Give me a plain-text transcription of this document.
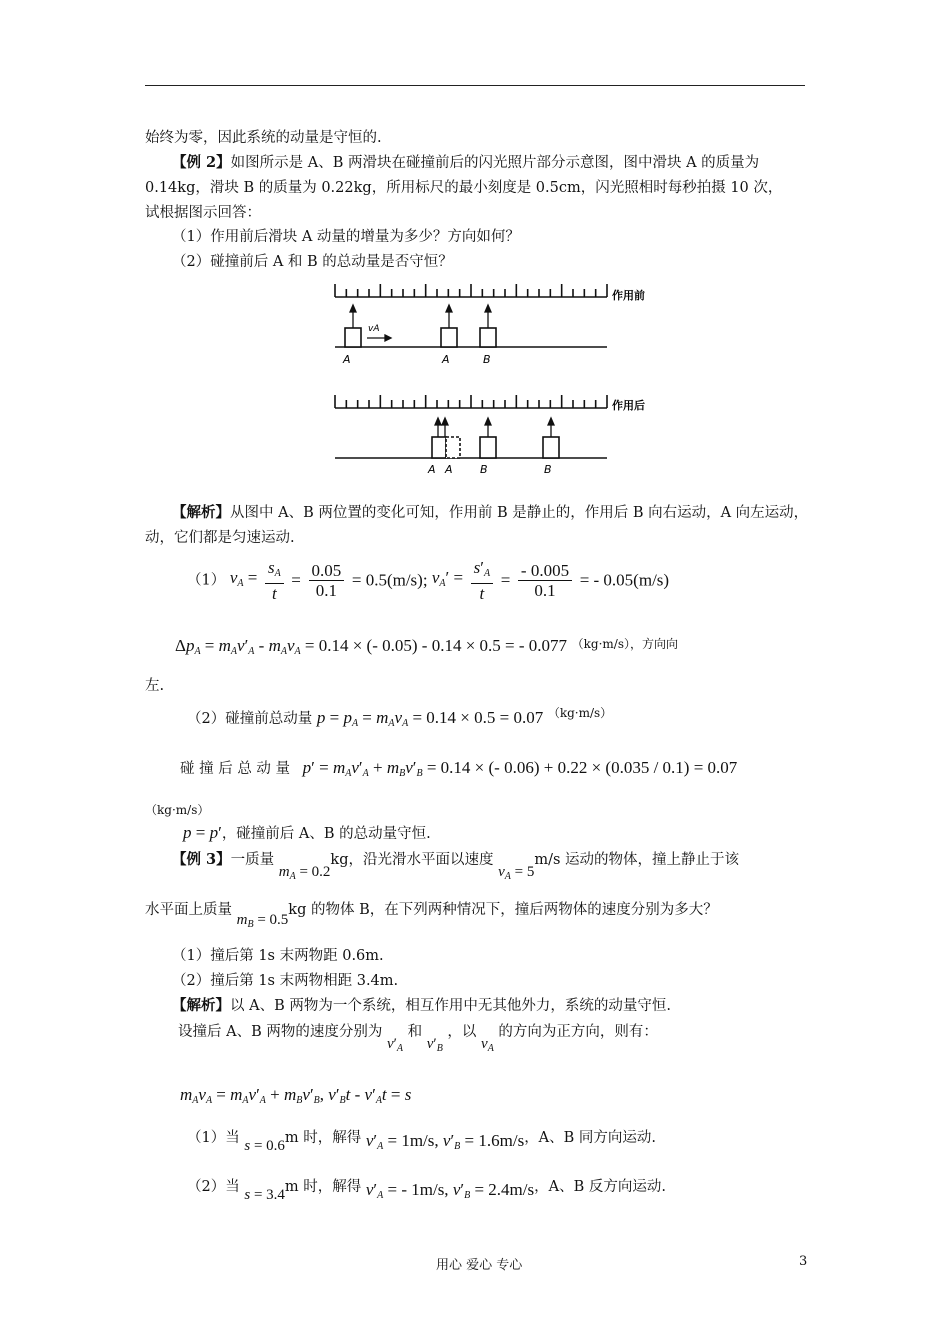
始终为零，因此系统的动量是守恒的.
【例 2】如图所示是 A、B 两滑块在碰撞前后的闪光照片部分示意图，图中滑块 A 的质量为
0.14kg，滑块 B 的质量为 0.22kg，所用标尺的最小刻度是 0.5cm，闪光照相时每秒拍摄 10 次，
试根据图示回答：
（1）作用前后滑块 A 动量的增量为多少？方向如何？
（2）碰撞前后 A 和 B 的总动量是否守恒？
作用前
vA
A	A	B
作用后
A A B	B
【解析】从图中 A、B 两位置的变化可知，作用前 B 是静止的，作用后 B 向右运动，A 向左运动，
动，它们都是匀速运动.
（1） $v_A = \frac{s_A}{t} = \frac{0.05}{0.1} = 0.5(m/s)$; $v_A' = \frac{s'_A}{t} = \frac{- 0.005}{0.1}$ = - 0.05(m/s)
$\Delta p_A = m_Av'_A - m_Av_A = 0.14$ × (- 0.05) - 0.14 × 0.5 = - 0.077 $^{(kg\cdot m/s),方向向}$
左.
（2）碰撞前总动量 $p = p_A = m_Av_A = 0.14 \times 0.5 = 0.07$ $^{(kg\cdot m/s)}$
碰 撞 后 总 动 量 $p' = m_Av'_A + m_Bv'_B = 0.14$ × (- 0.06) + 0.22 × (0.035 / 0.1) = 0.07
（kg·m/s）
p = p′，碰撞前后 A、B 的总动量守恒.
【例 3】一质量 $m_A = 0.2kg$，沿光滑水平面以速度 $v_A = 5m/s$ 运动的物体，撞上静止于该
水平面上质量 $m_B = 0.5kg$ 的物体 B，在下列两种情况下，撞后两物体的速度分别为多大？
（1）撞后第 1s 末两物距 0.6m.
（2）撞后第 1s 末两物相距 3.4m.
【解析】以 A、B 两物为一个系统，相互作用中无其他外力，系统的动量守恒.
设撞后 A、B 两物的速度分别为 $v'_A$ 和 $v'_B$ ，以 $v_A$ 的方向为正方向，则有：
$m_Av_A = m_Av'_A + m_Bv'_B$, $v'_Bt - v'_At = s$
（1）当 s = 0.6m 时，解得 $v'_A = 1m/s$, $v'_B = 1.6m/s$，A、B 同方向运动.
（2）当 s = 3.4m 时，解得 $v'_A$ = - 1m/s, $v'_B = 2.4m/s$，A、B 反方向运动.
用心 爱心 专心	3
